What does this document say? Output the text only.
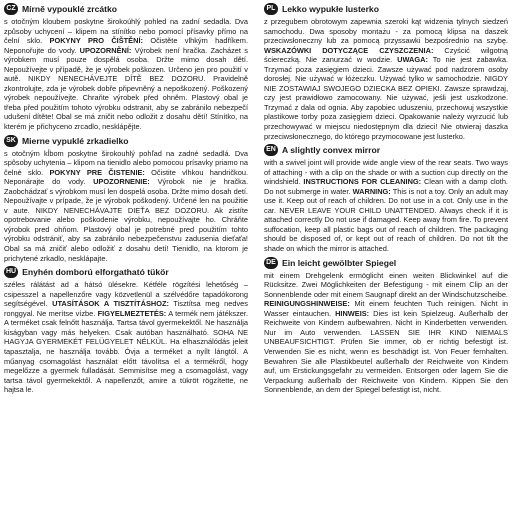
CZ Mírně vypouklé zrcátko

s otočným kloubem poskytne širokoúhlý pohled na zadní sedadla. Dva způsoby uchycení – klipem na stínítko nebo pomocí přísavky přímo na čelní sklo. POKYNY PRO ČIŠTĚNÍ: Očistěte vlhkým hadříkem. Neponořujte do vody. UPOZORNĚNÍ: Výrobek není hračka. Zacházet s výrobkem musí pouze dospělá osoba. Držte mimo dosah dětí. Nepoužívejte v případě, že je výrobek poškozen. Určeno jen pro použití v autě. NIKDY NENECHÁVEJTE DÍTĚ BEZ DOZORU. Pravidelně zkontrolujte, zda je výrobek dobře připevněný a nepoškozený. Poškozený výrobek nepoužívejte. Chraňte výrobek před ohněm. Plastový obal je třeba před použitím tohoto výrobku odstranit, aby se zabránilo nebezpečí udušení dítěte! Obal se má zničit nebo odložit z dosahu dětí! Stínítko, na kterém je přichyceno zrcadlo, nesklápějte.

SK Mierne vypuklé zrkadielko

s otočným kĺbom poskytne širokouhlý pohľad na zadné sedadlá. Dva spôsoby uchytenia – klipom na tienidlo alebo pomocou prísavky priamo na čelné sklo. POKYNY PRE ČISTENIE: Očistite vlhkou handričkou. Neponárajte do vody. UPOZORNENIE: Výrobok nie je hračka. Zaobchádzať s výrobkom musí len dospelá osoba. Držte mimo dosah detí. Nepoužívajte v prípade, že je výrobok poškodený. Určené len na použitie v aute. NIKDY NENECHÁVAJTE DIEŤA BEZ DOZORU. Ak zistíte opotrebovanie alebo poškodenie výrobku, nepoužívajte ho. Chráňte výrobok pred ohňom. Plastový obal je potrebné pred použitím tohto výrobku odstrániť, aby sa zabránilo nebezpečenstvu zadusenia dieťaťa! Obal sa má zničiť alebo odložiť z dosahu detí! Tienidlo, na ktorom je prichytené zrkadlo, nesklápajte.

HU Enyhén domború elforgatható tükör

széles rálátást ad a hátsó ülésekre. Kétféle rögzítési lehetőség – csipesszel a napellenzőre vagy közvetlenül a szélvédőre tapadókorong segítségével. UTASÍTÁSOK A TISZTÍTÁSHOZ: Tisztítsa meg nedves ronggyal. Ne merítse vízbe. FIGYELMEZTETÉS: A termék nem játékszer. A terméket csak felnőtt használja. Tartsa távol gyermekektől. Ne használja kiságyban vagy más helyeken. Csak autóban használható. SOHA NE HAGYJA GYERMEKÉT FELÜGYELET NÉLKÜL. Ha elhasználódás jeleit tapasztalja, ne használja tovább. Óvja a terméket a nyílt lángtól. A műanyag csomagolást használat előtt távolítsa el a termékről, hogy megelőzze a gyermek fulladását. Semmisítse meg a csomagolást, vagy tartsa távol gyermekektől. A napellenzőt, amire a tükröt rögzítette, ne hajtsa le.

PL Lekko wypukłe lusterko

z przegubem obrotowym zapewnia szeroki kąt widzenia tylnych siedzeń samochodu. Dwa sposoby montażu - za pomocą klipsa na daszek przeciwsłoneczny lub za pomocą przyssawki bezpośrednio na szybę. WSKAZÓWKI DOTYCZĄCE CZYSZCZENIA: Czyścić wilgotną ściereczką. Nie zanurzać w wodzie. UWAGA: To nie jest zabawka. Trzymać poza zasięgiem dzieci. Zawsze używać pod nadzorem osoby dorosłej. Nie używać w łóżeczku. Używać tylko w samochodzie. NIGDY NIE ZOSTAWIAJ SWOJEGO DZIECKA BEZ OPIEKI. Zawsze sprawdzaj, czy jest prawidłowo zamocowany. Nie używać, jeśli jest uszkodzone. Trzymać z dala od ognia. Aby zapobiec uduszeniu, przechowuj wszystkie plastikowe torby poza zasięgiem dzieci. Opakowanie należy wyrzucić lub przechowywać w miejscu niedostępnym dla dzieci! Nie otwieraj daszka przeciwsłonecznego, do którego przymocowane jest lusterko.

EN A slightly convex mirror

with a swivel joint will provide wide angle view of the rear seats. Two ways of attaching - with a clip on the shade or with a suction cup directly on the windshield. INSTRUCTIONS FOR CLEANING: Clean with a damp cloth. Do not submerge in water. WARNING: This is not a toy. Only an adult may use it. Keep out of reach of children. Do not use in a cot. Only use in the car. NEVER LEAVE YOUR CHILD UNATTENDED. Always check if it is attached correctly Do not use if damaged. Keep away from fire. To prevent suffocation, keep all plastic bags out of reach of children. The packaging should be disposed of, or kept out of reach of children. Do not tilt the shade on which the mirror is attached.

DE Ein leicht gewölbter Spiegel

mit einem Drehgelenk ermöglicht einen weiten Blickwinkel auf die Rücksitze. Zwei Möglichkeiten der Befestigung - mit einem Clip an der Sonnenblende oder mit einem Saugnapf direkt an der Windschutzscheibe. REINIGUNGSHINWEISE: Mit einem feuchten Tuch reinigen. Nicht in Wasser eintauchen. HINWEIS: Dies ist kein Spielzeug. Außerhalb der Reichweite von Kindern aufbewahren. Nicht in Kinderbetten verwenden. Nur im Auto verwenden. LASSEN SIE IHR KIND NIEMALS UNBEAUFSICHTIGT. Prüfen Sie immer, ob er richtig befestigt ist. Verwenden Sie es nicht, wenn es beschädigt ist. Von Feuer fernhalten. Bewahren Sie alle Plastikbeutel außerhalb der Reichweite von Kindern auf, um Erstickungsgefahr zu vermeiden. Entsorgen oder lagern Sie die Verpackung außerhalb der Reichweite von Kindern. Kippen Sie den Sonnenblende, an dem der Spiegel befestigt ist, nicht.
